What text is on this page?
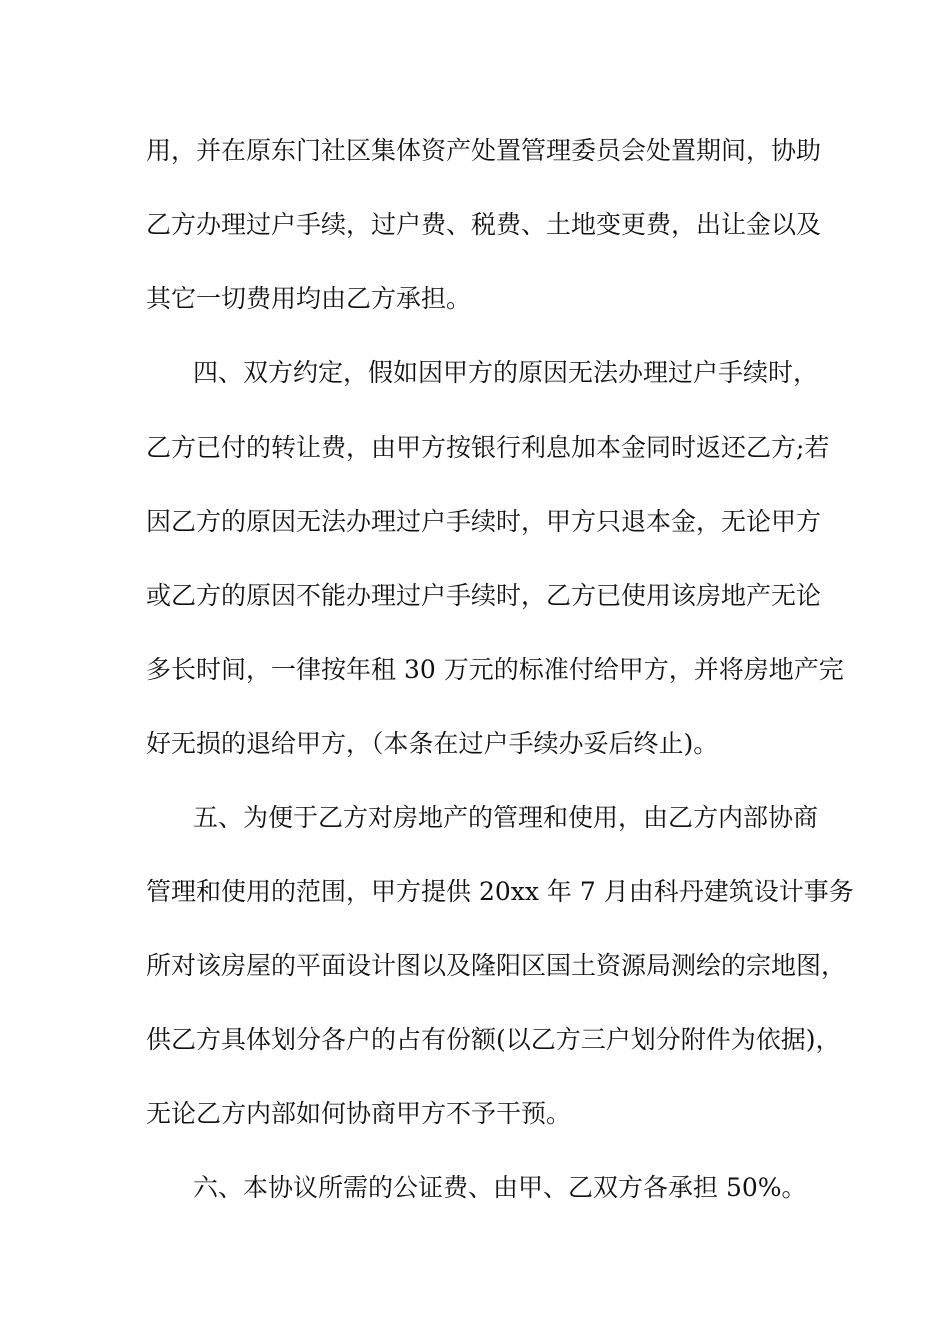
用，并在原东门社区集体资产处置管理委员会处置期间，协助
乙方办理过户手续，过户费、税费、土地变更费，出让金以及
其它一切费用均由乙方承担。
四、双方约定，假如因甲方的原因无法办理过户手续时，
乙方已付的转让费，由甲方按银行利息加本金同时返还乙方;若
因乙方的原因无法办理过户手续时，甲方只退本金，无论甲方
或乙方的原因不能办理过户手续时，乙方已使用该房地产无论
多长时间，一律按年租 30 万元的标准付给甲方，并将房地产完
好无损的退给甲方，（本条在过户手续办妥后终止)。
五、为便于乙方对房地产的管理和使用，由乙方内部协商
管理和使用的范围，甲方提供 20xx 年 7 月由科丹建筑设计事务
所对该房屋的平面设计图以及隆阳区国土资源局测绘的宗地图，
供乙方具体划分各户的占有份额(以乙方三户划分附件为依据)，
无论乙方内部如何协商甲方不予干预。
六、本协议所需的公证费、由甲、乙双方各承担 50%。
